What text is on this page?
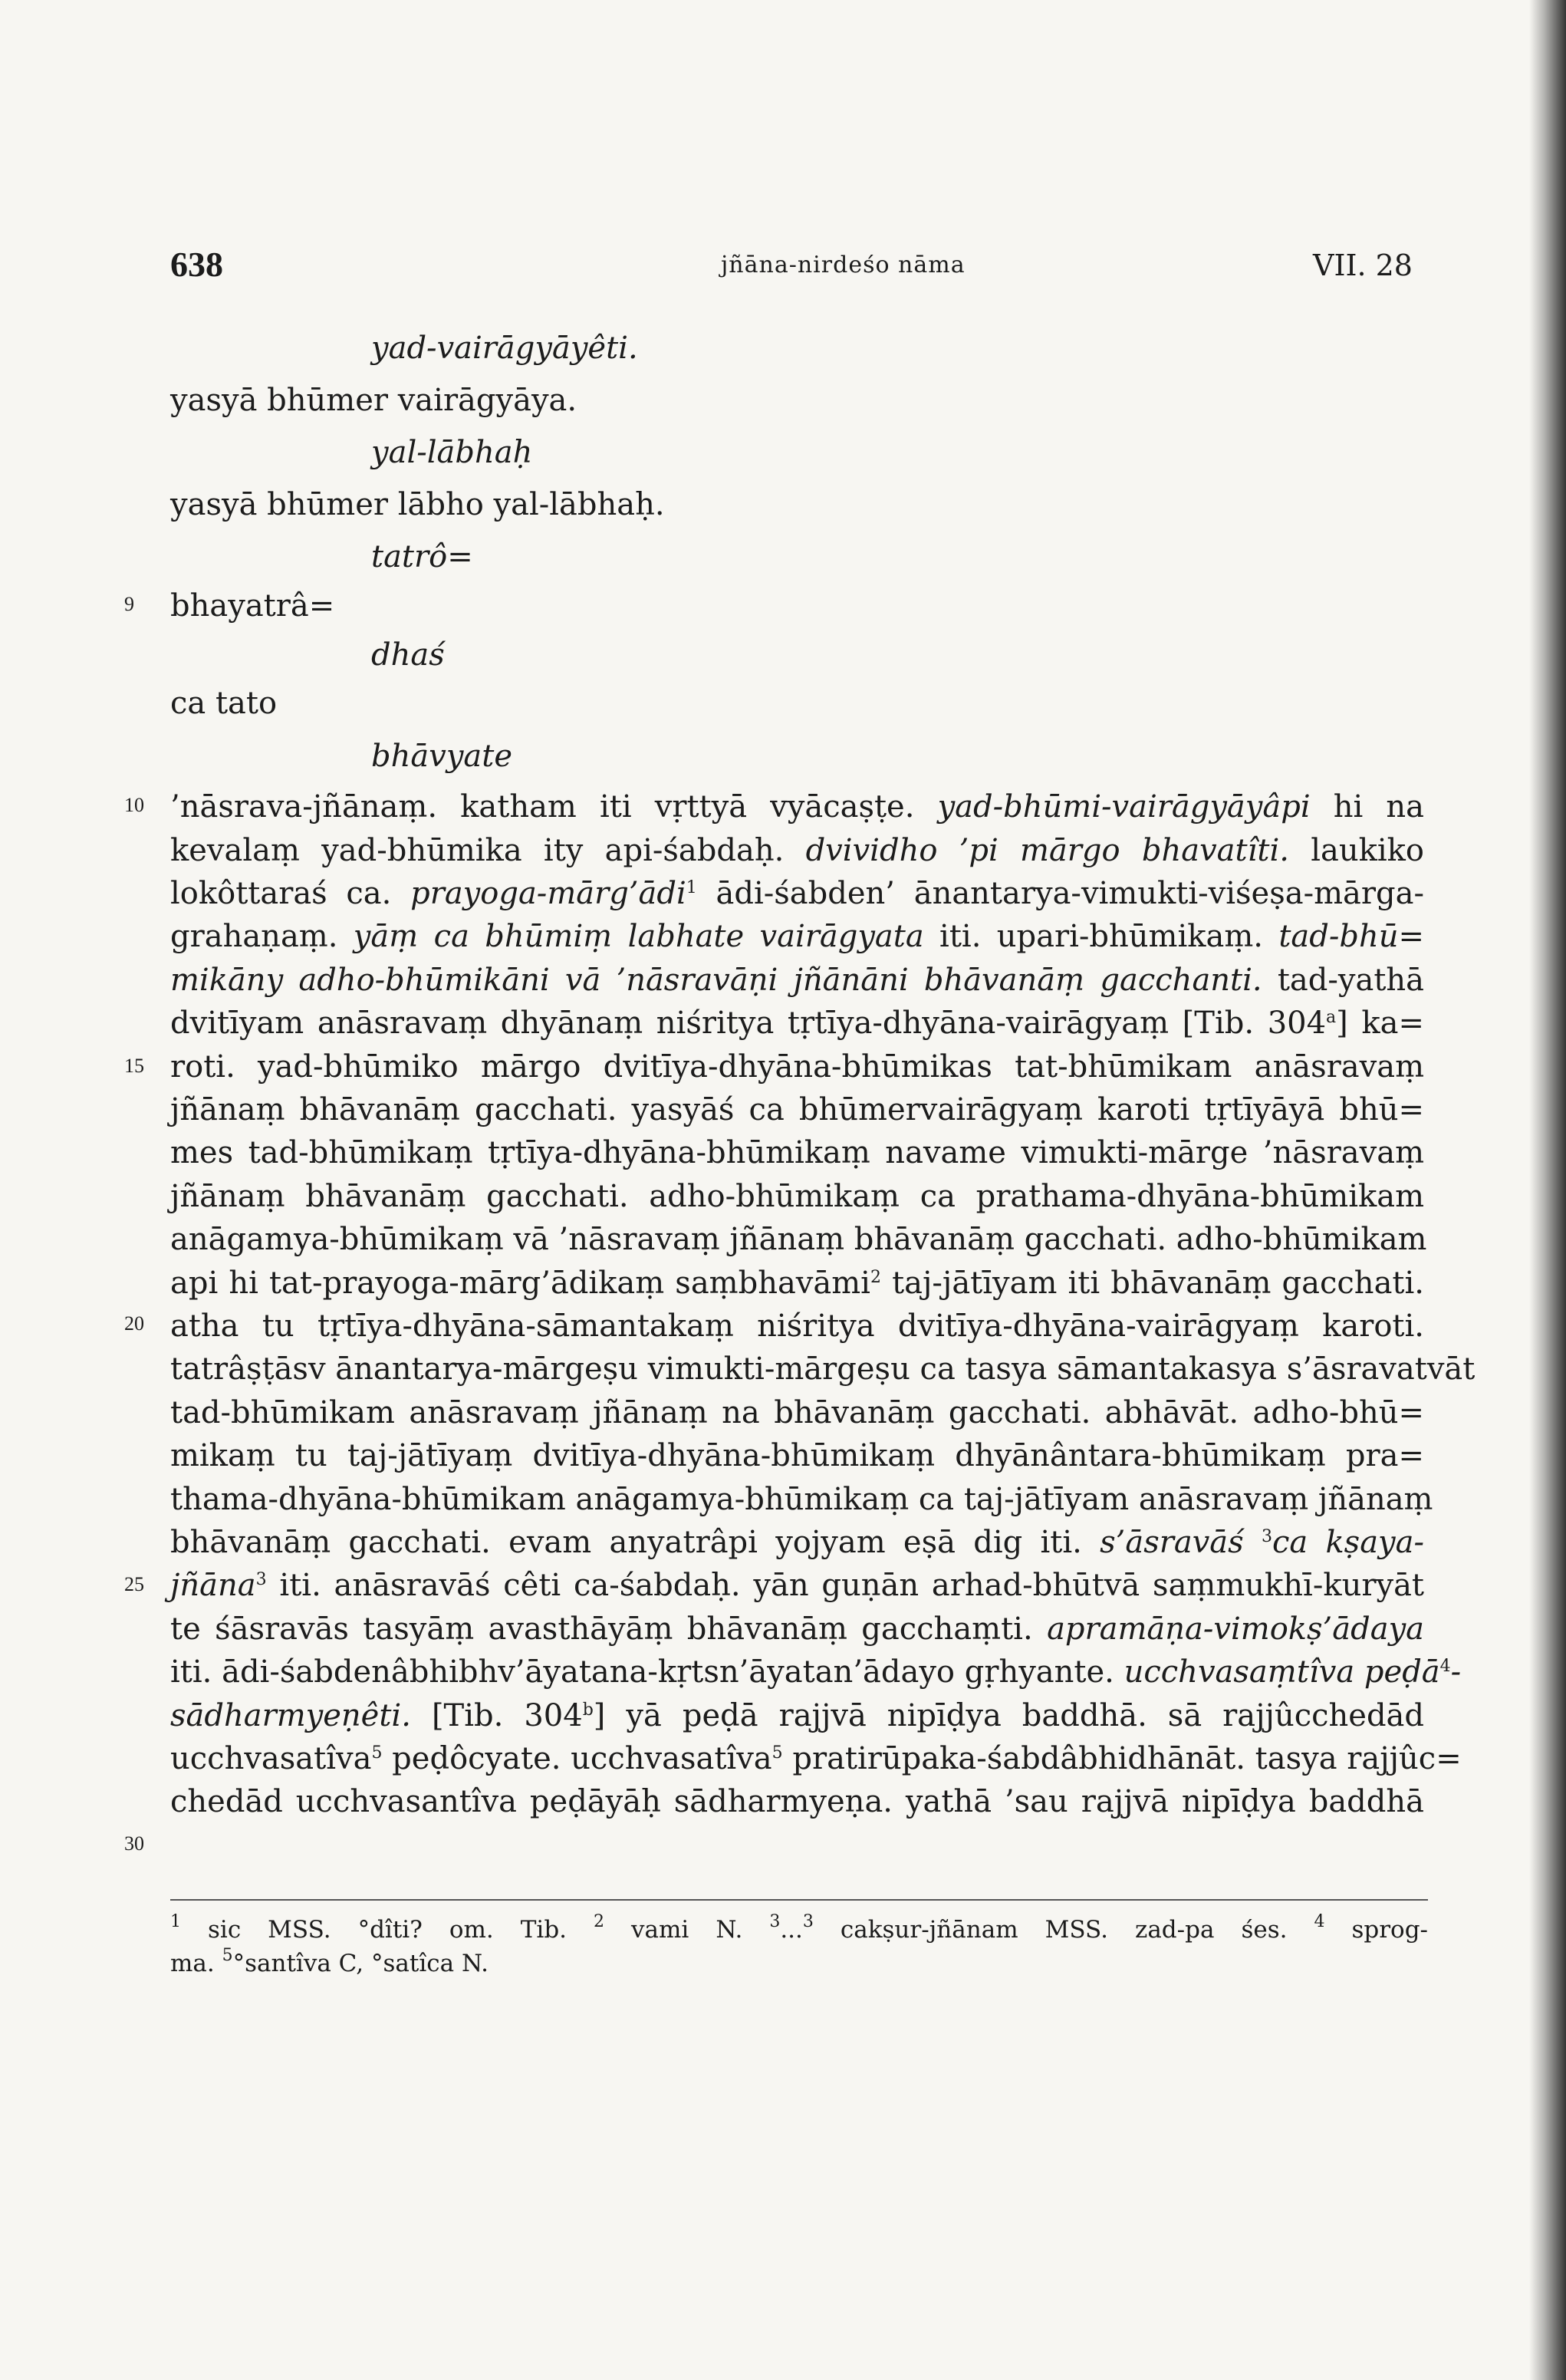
638	jñāna-nirdeśo nāma	VII. 28
9
10
15
20
25
30
yad-vairāgyāyêti.
yasyā bhūmer vairāgyāya.
yal-lābhaḥ
yasyā bhūmer lābho yal-lābhaḥ.
tatrô=
bhayatrâ=
dhaś
ca tato
bhāvyate
’nāsrava-jñānaṃ. katham iti vṛttyā vyācaṣṭe. yad-bhūmi-vairāgyāyâpi hi na
kevalaṃ yad-bhūmika ity api-śabdaḥ. dvividho ’pi mārgo bhavatîti. laukiko
lokôttaraś ca. prayoga-mārg’ādi$^1$ ādi-śabden’ ānantarya-vimukti-viśeṣa-mārga-
grahaṇaṃ. yāṃ ca bhūmiṃ labhate vairāgyata iti. upari-bhūmikaṃ. tad-bhū=
mikāny adho-bhūmikāni vā ’nāsravāṇi jñānāni bhāvanāṃ gacchanti. tad-yathā
dvitīyam anāsravaṃ dhyānaṃ niśritya tṛtīya-dhyāna-vairāgyaṃ [Tib. 304$^a$] ka=
roti. yad-bhūmiko mārgo dvitīya-dhyāna-bhūmikas tat-bhūmikam anāsravaṃ
jñānaṃ bhāvanāṃ gacchati. yasyāś ca bhūmervairāgyaṃ karoti tṛtīyāyā bhū=
mes tad-bhūmikaṃ tṛtīya-dhyāna-bhūmikaṃ navame vimukti-mārge ’nāsravaṃ
jñānaṃ bhāvanāṃ gacchati. adho-bhūmikaṃ ca prathama-dhyāna-bhūmikam
anāgamya-bhūmikaṃ vā ’nāsravaṃ jñānaṃ bhāvanāṃ gacchati. adho-bhūmikam
api hi tat-prayoga-mārg’ādikaṃ saṃbhavāmi$^2$ taj-jātīyam iti bhāvanāṃ gacchati.
atha tu tṛtīya-dhyāna-sāmantakaṃ niśritya dvitīya-dhyāna-vairāgyaṃ karoti.
tatrâṣṭāsv ānantarya-mārgeṣu vimukti-mārgeṣu ca tasya sāmantakasya s’āsravatvāt
tad-bhūmikam anāsravaṃ jñānaṃ na bhāvanāṃ gacchati. abhāvāt. adho-bhū=
mikaṃ tu taj-jātīyaṃ dvitīya-dhyāna-bhūmikaṃ dhyānântara-bhūmikaṃ pra=
thama-dhyāna-bhūmikam anāgamya-bhūmikaṃ ca taj-jātīyam anāsravaṃ jñānaṃ
bhāvanāṃ gacchati. evam anyatrâpi yojyam eṣā dig iti. s’āsravāś $^3$ca kṣaya-
jñāna$^3$ iti. anāsravāś cêti ca-śabdaḥ. yān guṇān arhad-bhūtvā saṃmukhī-kuryāt
te śāsravās tasyāṃ avasthāyāṃ bhāvanāṃ gacchaṃti. apramāṇa-vimokṣ’ādaya
iti. ādi-śabdenâbhibhv’āyatana-kṛtsn’āyatan’ādayo gṛhyante. ucchvasaṃtîva peḍā$^4$-
sādharmyeṇêti. [Tib. 304$^b$] yā peḍā rajjvā nipīḍya baddhā. sā rajjûcchedād
ucchvasatîva$^5$ peḍôcyate. ucchvasatîva$^5$ pratirūpaka-śabdâbhidhānāt. tasya rajjûc=
chedād ucchvasantîva peḍāyāḥ sādharmyeṇa. yathā ’sau rajjvā nipīḍya baddhā
$^1$ sic MSS. °dîti? om. Tib. $^2$ vami N. $^3$...$^3$ cakṣur-jñānam MSS. zad-pa śes. $^4$ sprog-
ma. $^5$°santîva C, °satîca N.
